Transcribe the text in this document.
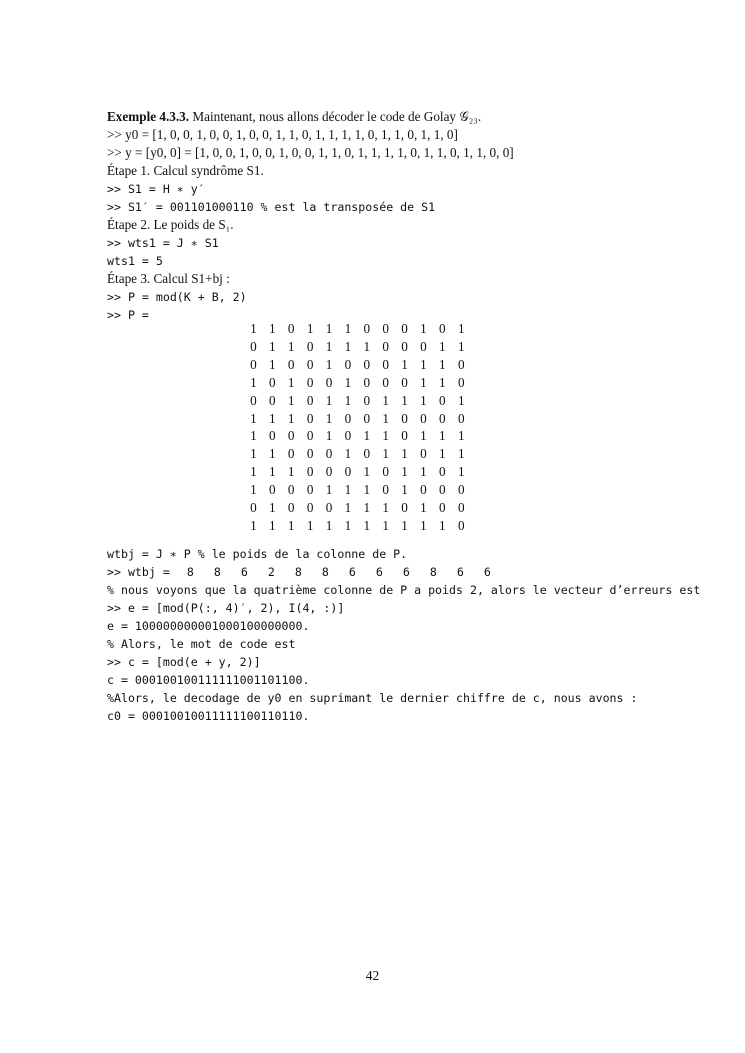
Exemple 4.3.3. Maintenant, nous allons décoder le code de Golay 𝒢₂₃.
>> y0 = [1, 0, 0, 1, 0, 0, 1, 0, 0, 1, 1, 0, 1, 1, 1, 1, 0, 1, 1, 0, 1, 1, 0]
>> y = [y0, 0] = [1, 0, 0, 1, 0, 0, 1, 0, 0, 1, 1, 0, 1, 1, 1, 1, 0, 1, 1, 0, 1, 1, 0, 0]
Étape 1. Calcul syndrôme S1.
>> S1 = H ∗ y′
>> S1′ = 001101000110 % est la transposée de S1
Étape 2. Le poids de S₁.
>> wts1 = J ∗ S1
wts1 = 5
Étape 3. Calcul S1+bj :
>> P = mod(K + B, 2)
>> P =
1	1	0	1	1	1	0	0	0	1	0	1
0	1	1	0	1	1	1	0	0	0	1	1
0	1	0	0	1	0	0	0	1	1	1	0
1	0	1	0	0	1	0	0	0	1	1	0
0	0	1	0	1	1	0	1	1	1	0	1
1	1	1	0	1	0	0	1	0	0	0	0
1	0	0	0	1	0	1	1	0	1	1	1
1	1	0	0	0	1	0	1	1	0	1	1
1	1	1	0	0	0	1	0	1	1	0	1
1	0	0	0	1	1	1	0	1	0	0	0
0	1	0	0	0	1	1	1	0	1	0	0
1	1	1	1	1	1	1	1	1	1	1	0
wtbj = J ∗ P % le poids de la colonne de P.
>> wtbj = 8 8 6 2 8 8 6 6 6 8 6 6
% nous voyons que la quatrième colonne de P a poids 2, alors le vecteur d’erreurs est
>> e = [mod(P(:, 4)′, 2), I(4, :)]
e = 100000000001000100000000.
% Alors, le mot de code est
>> c = [mod(e + y, 2)]
c = 000100100111111001101100.
%Alors, le decodage de y0 en suprimant le dernier chiffre de c, nous avons :
c0 = 00010010011111100110110.
42
